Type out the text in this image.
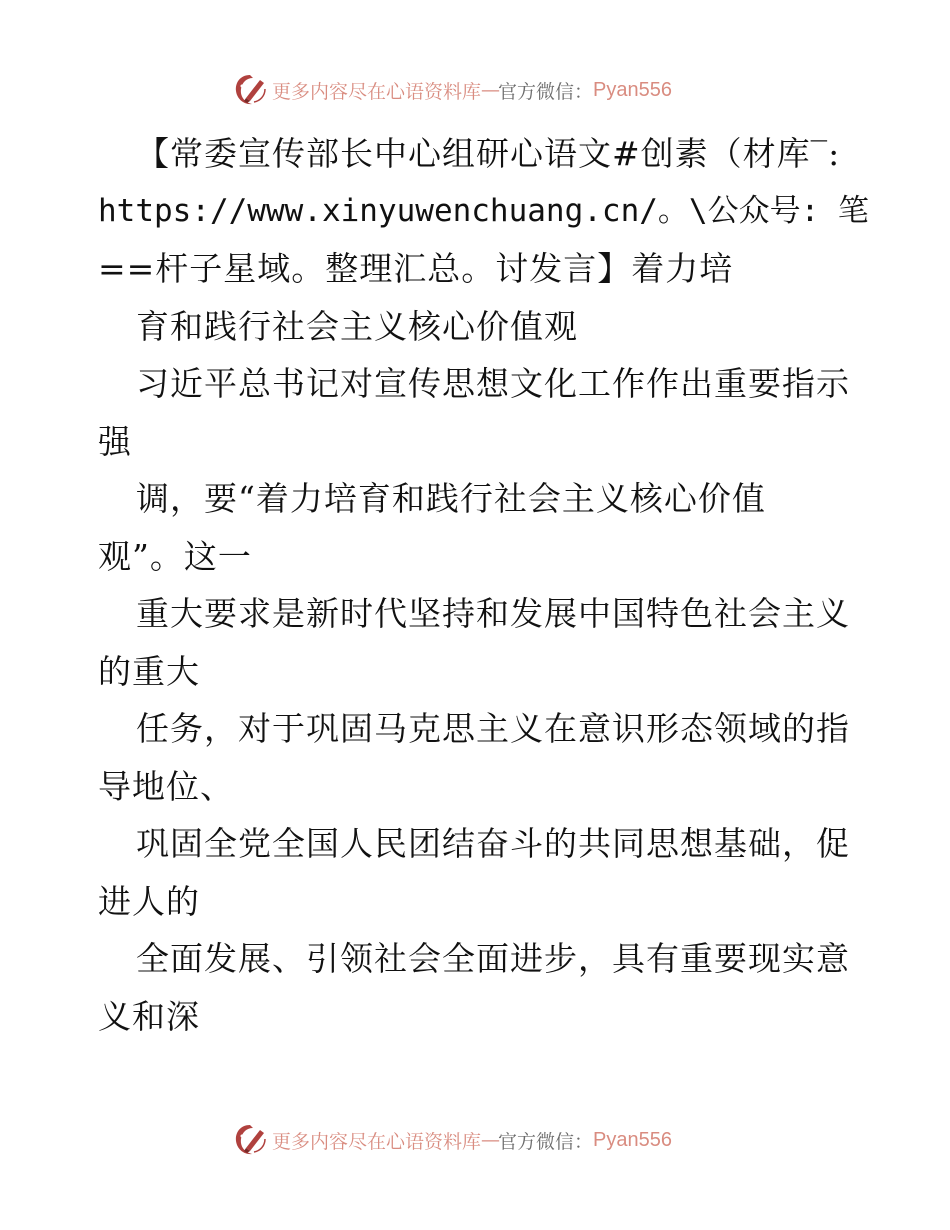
更多内容尽在心语资料库 — 官方微信： Pyan556
【常委宣传部长中心组研心语文#创素（材库‾:
https://www.xinyuwenchuang.cn/。\公众号: 笔
==杆子星域。整理汇总。讨发言】着力培
育和践行社会主义核心价值观
习近平总书记对宣传思想文化工作作出重要指示
强
调，要“着力培育和践行社会主义核心价值
观”。这一
重大要求是新时代坚持和发展中国特色社会主义
的重大
任务，对于巩固马克思主义在意识形态领域的指
导地位、
巩固全党全国人民团结奋斗的共同思想基础，促
进人的
全面发展、引领社会全面进步，具有重要现实意
义和深
更多内容尽在心语资料库 — 官方微信： Pyan556
